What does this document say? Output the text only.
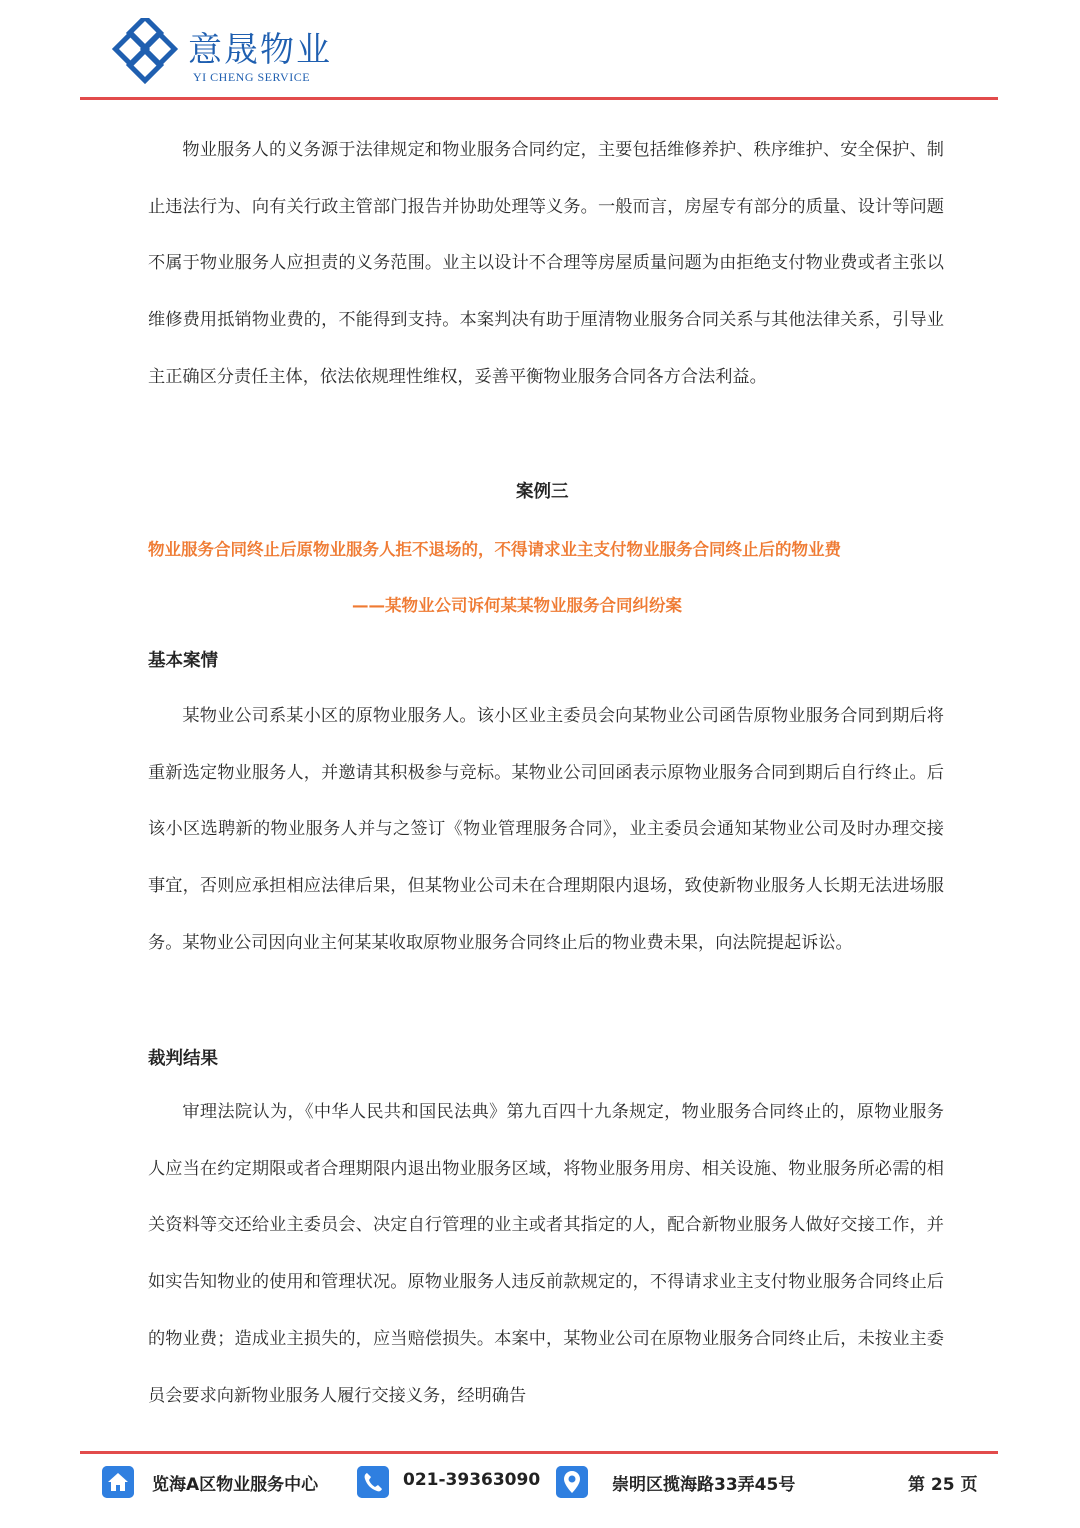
意晟物业
YI CHENG SERVICE

物业服务人的义务源于法律规定和物业服务合同约定，主要包括维修养护、秩序维护、安全保护、制止违法行为、向有关行政主管部门报告并协助处理等义务。一般而言，房屋专有部分的质量、设计等问题不属于物业服务人应担责的义务范围。业主以设计不合理等房屋质量问题为由拒绝支付物业费或者主张以维修费用抵销物业费的，不能得到支持。本案判决有助于厘清物业服务合同关系与其他法律关系，引导业主正确区分责任主体，依法依规理性维权，妥善平衡物业服务合同各方合法利益。

案例三
物业服务合同终止后原物业服务人拒不退场的，不得请求业主支付物业服务合同终止后的物业费
——某物业公司诉何某某物业服务合同纠纷案
基本案情

某物业公司系某小区的原物业服务人。该小区业主委员会向某物业公司函告原物业服务合同到期后将重新选定物业服务人，并邀请其积极参与竞标。某物业公司回函表示原物业服务合同到期后自行终止。后该小区选聘新的物业服务人并与之签订《物业管理服务合同》，业主委员会通知某物业公司及时办理交接事宜，否则应承担相应法律后果，但某物业公司未在合理期限内退场，致使新物业服务人长期无法进场服务。某物业公司因向业主何某某收取原物业服务合同终止后的物业费未果，向法院提起诉讼。

裁判结果

审理法院认为，《中华人民共和国民法典》第九百四十九条规定，物业服务合同终止的，原物业服务人应当在约定期限或者合理期限内退出物业服务区域，将物业服务用房、相关设施、物业服务所必需的相关资料等交还给业主委员会、决定自行管理的业主或者其指定的人，配合新物业服务人做好交接工作，并如实告知物业的使用和管理状况。原物业服务人违反前款规定的，不得请求业主支付物业服务合同终止后的物业费；造成业主损失的，应当赔偿损失。本案中，某物业公司在原物业服务合同终止后，未按业主委员会要求向新物业服务人履行交接义务，经明确告

览海A区物业服务中心	021-39363090	崇明区揽海路33弄45号	第 25 页
